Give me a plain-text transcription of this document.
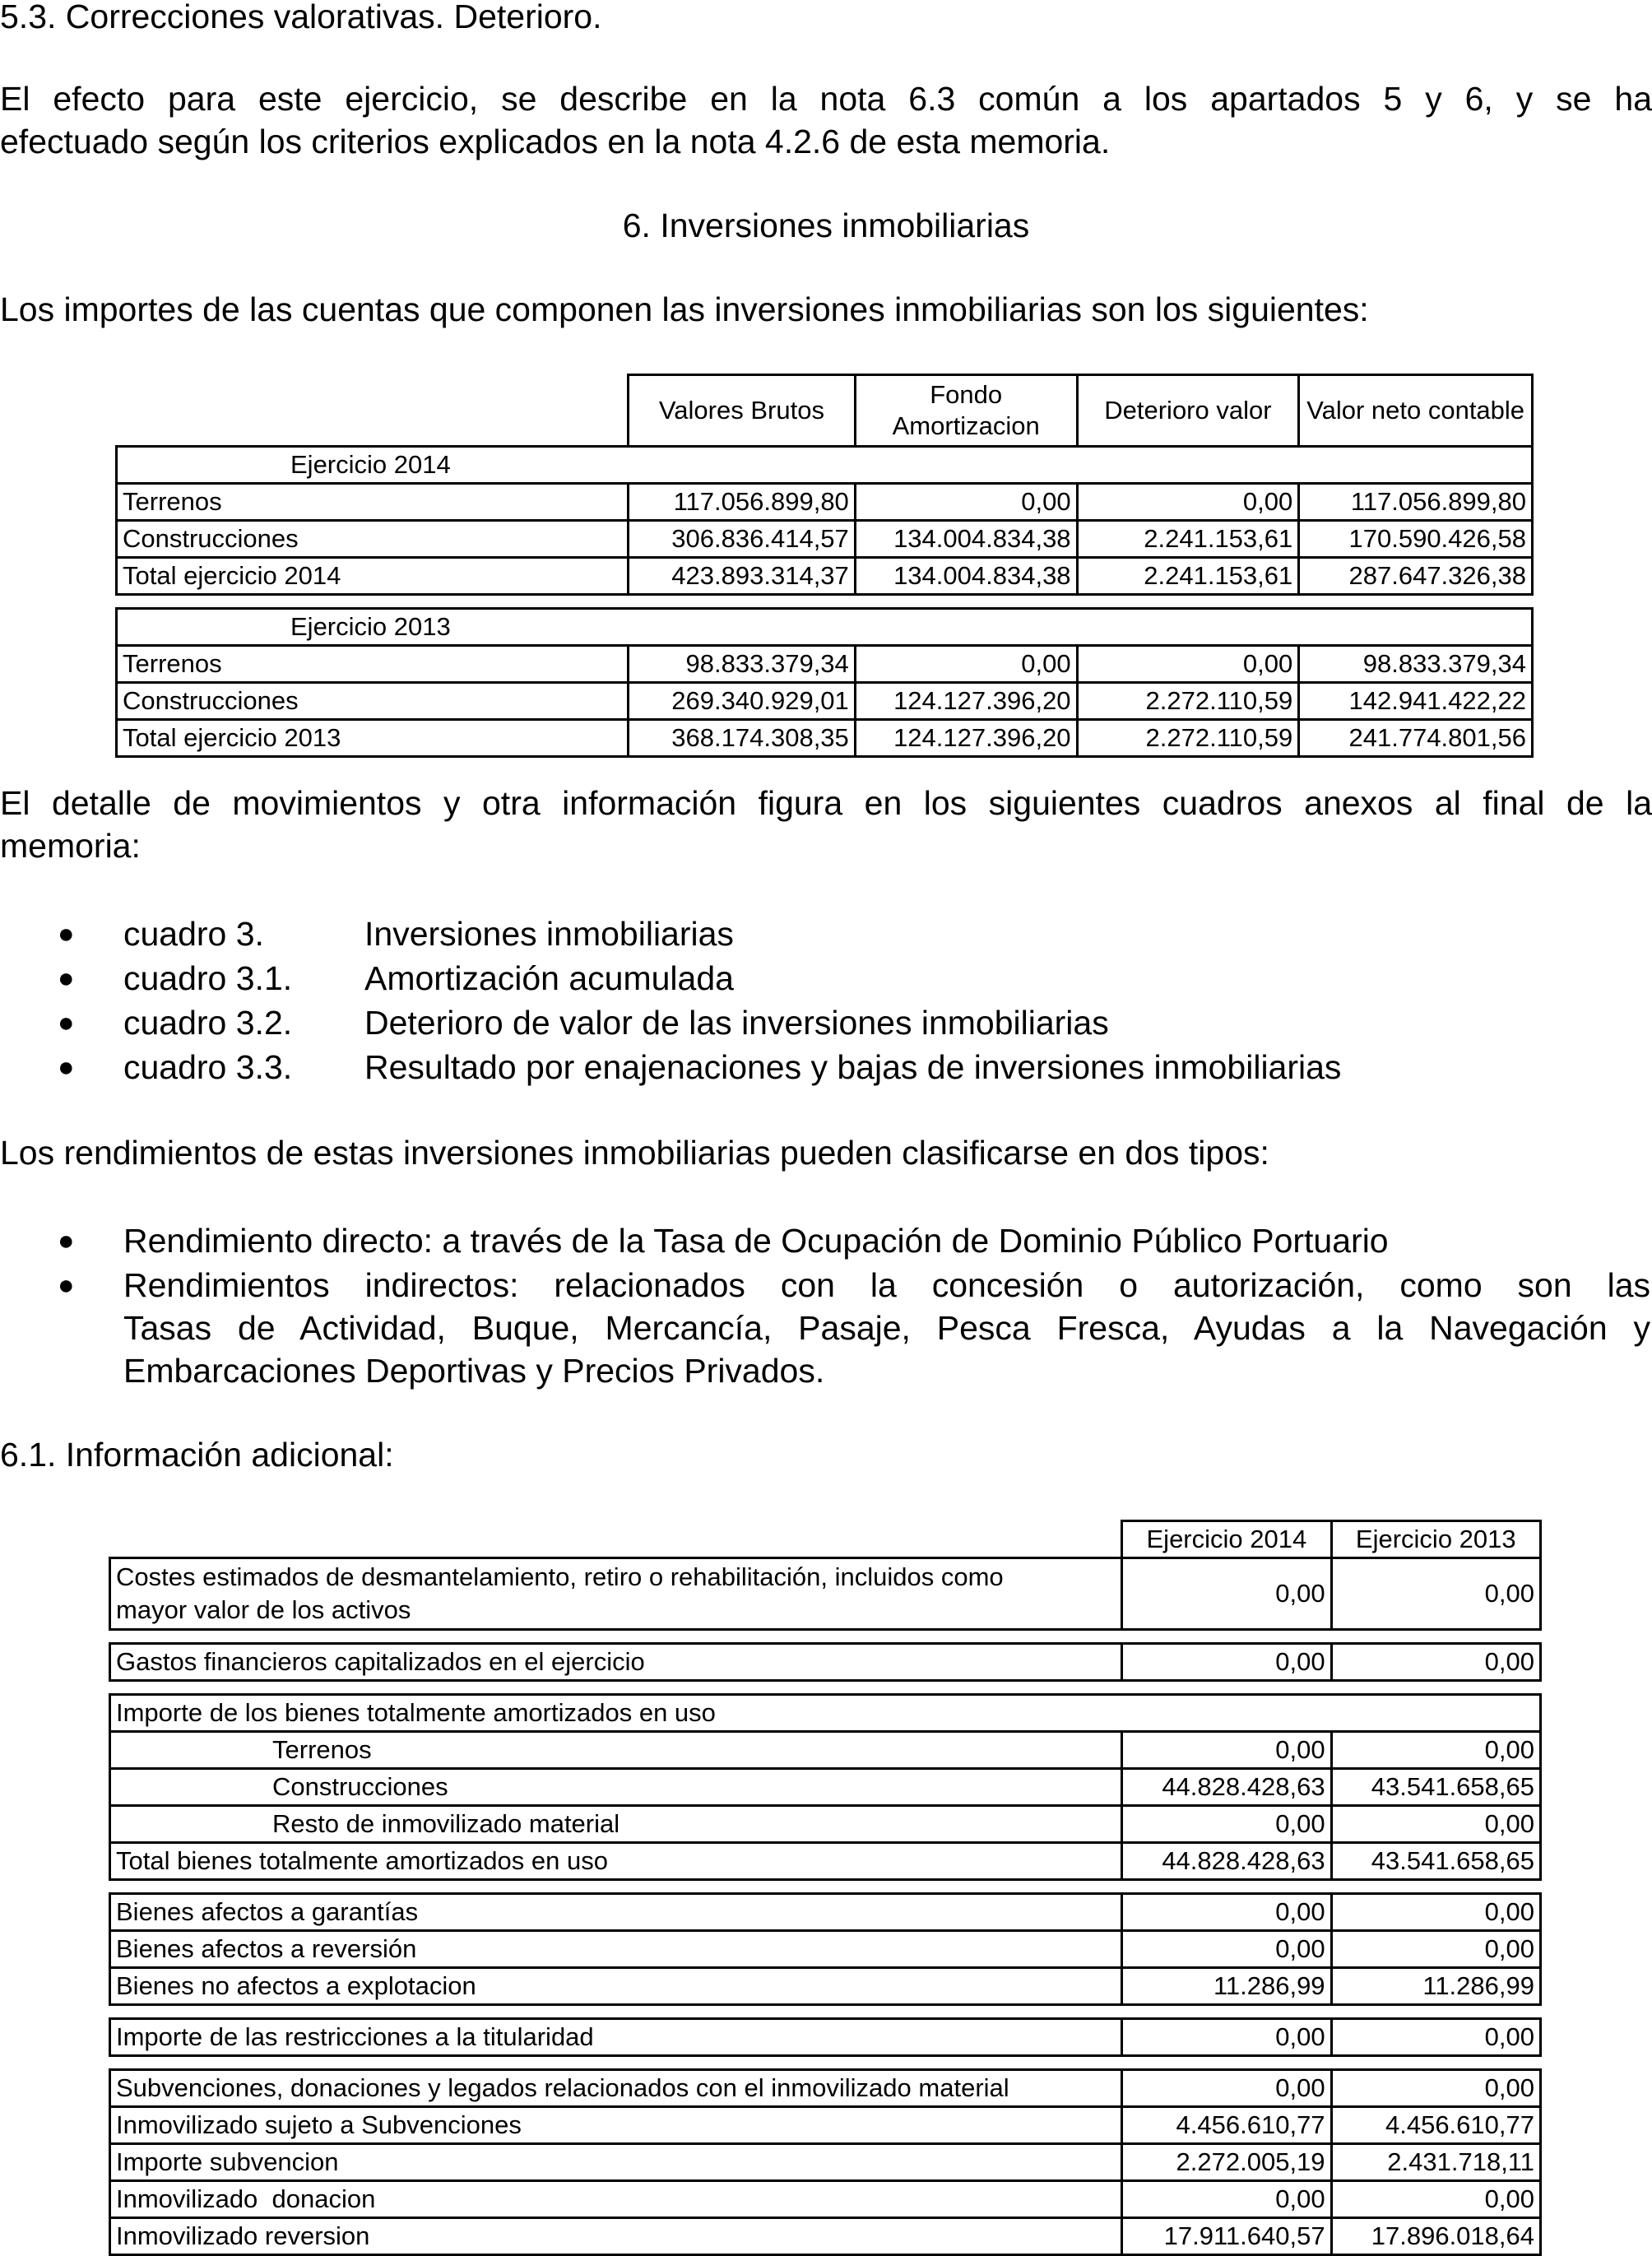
5.3. Correcciones valorativas. Deterioro.

El efecto para este ejercicio, se describe en la nota 6.3 común a los apartados 5 y 6, y se ha

efectuado según los criterios explicados en la nota 4.2.6 de esta memoria.

6. Inversiones inmobiliarias

Los importes de las cuentas que componen las inversiones inmobiliarias son los siguientes:

	Valores Brutos	Fondo Amortizacion	Deterioro valor	Valor neto contable
Ejercicio 2014				
Terrenos	117.056.899,80	0,00	0,00	117.056.899,80
Construcciones	306.836.414,57	134.004.834,38	2.241.153,61	170.590.426,58
Total ejercicio 2014	423.893.314,37	134.004.834,38	2.241.153,61	287.647.326,38

Ejercicio 2013				
Terrenos	98.833.379,34	0,00	0,00	98.833.379,34
Construcciones	269.340.929,01	124.127.396,20	2.272.110,59	142.941.422,22
Total ejercicio 2013	368.174.308,35	124.127.396,20	2.272.110,59	241.774.801,56

El detalle de movimientos y otra información figura en los siguientes cuadros anexos al final de la

memoria:

● cuadro 3.	Inversiones inmobiliarias
● cuadro 3.1. Amortización acumulada
● cuadro 3.2. Deterioro de valor de las inversiones inmobiliarias
● cuadro 3.3. Resultado por enajenaciones y bajas de inversiones inmobiliarias

Los rendimientos de estas inversiones inmobiliarias pueden clasificarse en dos tipos:

● Rendimiento directo: a través de la Tasa de Ocupación de Dominio Público Portuario
● Rendimientos indirectos: relacionados con la concesión o autorización, como son las
Tasas de Actividad, Buque, Mercancía, Pasaje, Pesca Fresca, Ayudas a la Navegación y
Embarcaciones Deportivas y Precios Privados.

6.1. Información adicional:

	Ejercicio 2014	Ejercicio 2013

Costes estimados de desmantelamiento, retiro o rehabilitación, incluidos como
mayor valor de los activos	0,00	0,00

Gastos financieros capitalizados en el ejercicio	0,00	0,00

Importe de los bienes totalmente amortizados en uso		
Terrenos	0,00	0,00
Construcciones	44.828.428,63	43.541.658,65
Resto de inmovilizado material	0,00	0,00
Total bienes totalmente amortizados en uso	44.828.428,63	43.541.658,65

Bienes afectos a garantías	0,00	0,00
Bienes afectos a reversión	0,00	0,00
Bienes no afectos a explotacion	11.286,99	11.286,99

Importe de las restricciones a la titularidad	0,00	0,00

Subvenciones, donaciones y legados relacionados con el inmovilizado material	0,00	0,00
Inmovilizado sujeto a Subvenciones	4.456.610,77	4.456.610,77
Importe subvencion	2.272.005,19	2.431.718,11
Inmovilizado  donacion	0,00	0,00
Inmovilizado reversion	17.911.640,57	17.896.018,64
